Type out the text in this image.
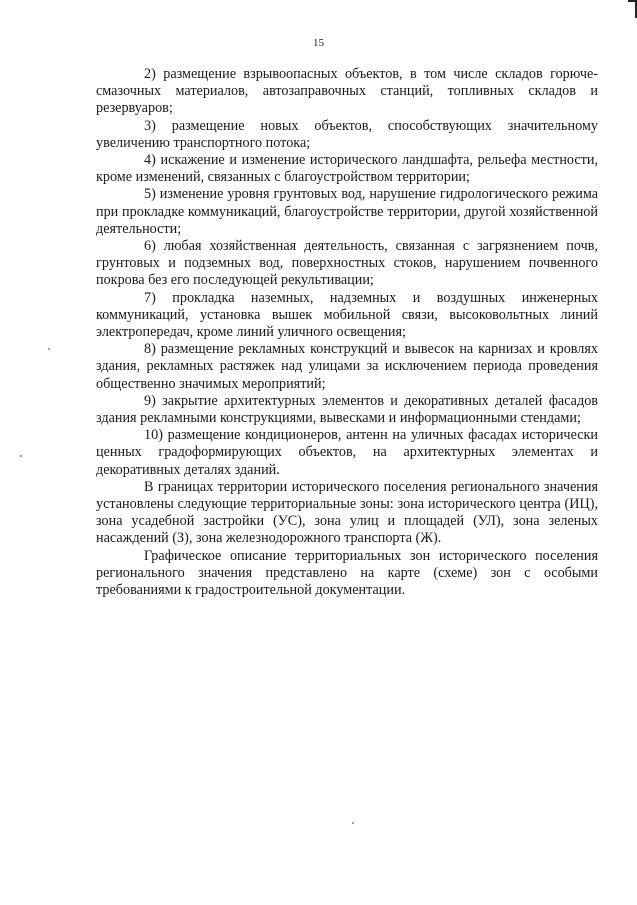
15

2) размещение взрывоопасных объектов, в том числе складов горюче-смазочных материалов, автозаправочных станций, топливных складов и резервуаров;

3) размещение новых объектов, способствующих значительному увеличению транспортного потока;

4) искажение и изменение исторического ландшафта, рельефа местности, кроме изменений, связанных с благоустройством территории;

5) изменение уровня грунтовых вод, нарушение гидрологического режима при прокладке коммуникаций, благоустройстве территории, другой хозяйственной деятельности;

6) любая хозяйственная деятельность, связанная с загрязнением почв, грунтовых и подземных вод, поверхностных стоков, нарушением почвенного покрова без его последующей рекультивации;

7) прокладка наземных, надземных и воздушных инженерных коммуникаций, установка вышек мобильной связи, высоковольтных линий электропередач, кроме линий уличного освещения;

8) размещение рекламных конструкций и вывесок на карнизах и кровлях здания, рекламных растяжек над улицами за исключением периода проведения общественно значимых мероприятий;

9) закрытие архитектурных элементов и декоративных деталей фасадов здания рекламными конструкциями, вывесками и информационными стендами;

10) размещение кондиционеров, антенн на уличных фасадах исторически ценных градоформирующих объектов, на архитектурных элементах и декоративных деталях зданий.

В границах территории исторического поселения регионального значения установлены следующие территориальные зоны: зона исторического центра (ИЦ), зона усадебной застройки (УС), зона улиц и площадей (УЛ), зона зеленых насаждений (З), зона железнодорожного транспорта (Ж).

Графическое описание территориальных зон исторического поселения регионального значения представлено на карте (схеме) зон с особыми требованиями к градостроительной документации.
